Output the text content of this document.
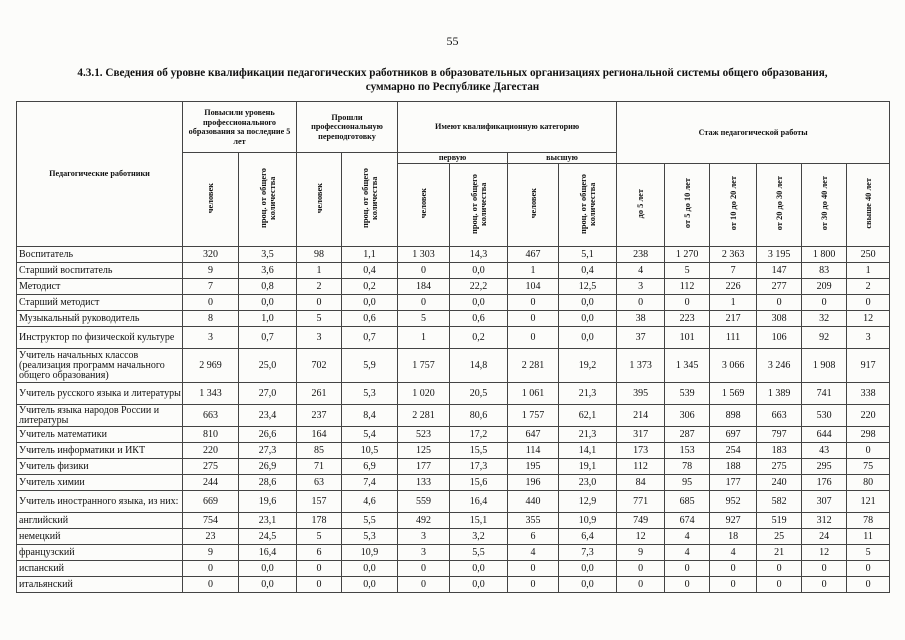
55
4.3.1. Сведения об уровне квалификации педагогических работников в образовательных организациях региональной системы общего образования,
суммарно по Республике Дагестан
Педагогические работники	Повысили уровень профессионального образования за последние 5 лет		Прошли профессиональную переподготовку		Имеют квалификационную категорию				Стаж педагогической работы					
	человек	проц. от общего количества	человек	проц. от общего количества	первую		высшую							
					человек	проц. от общего количества	человек	проц. от общего количества	до 5 лет	от 5 до 10 лет	от 10 до 20 лет	от 20 до 30 лет	от 30 до 40 лет	свыше 40 лет
Воспитатель	320	3,5	98	1,1	1 303	14,3	467	5,1	238	1 270	2 363	3 195	1 800	250
Старший воспитатель	9	3,6	1	0,4	0	0,0	1	0,4	4	5	7	147	83	1
Методист	7	0,8	2	0,2	184	22,2	104	12,5	3	112	226	277	209	2
Старший методист	0	0,0	0	0,0	0	0,0	0	0,0	0	0	1	0	0	0
Музыкальный руководитель	8	1,0	5	0,6	5	0,6	0	0,0	38	223	217	308	32	12
Инструктор по физической культуре	3	0,7	3	0,7	1	0,2	0	0,0	37	101	111	106	92	3
Учитель начальных классов (реализация программ начального общего образования)	2 969	25,0	702	5,9	1 757	14,8	2 281	19,2	1 373	1 345	3 066	3 246	1 908	917
Учитель русского языка и литературы	1 343	27,0	261	5,3	1 020	20,5	1 061	21,3	395	539	1 569	1 389	741	338
Учитель языка народов России и литературы	663	23,4	237	8,4	2 281	80,6	1 757	62,1	214	306	898	663	530	220
Учитель математики	810	26,6	164	5,4	523	17,2	647	21,3	317	287	697	797	644	298
Учитель информатики и ИКТ	220	27,3	85	10,5	125	15,5	114	14,1	173	153	254	183	43	0
Учитель физики	275	26,9	71	6,9	177	17,3	195	19,1	112	78	188	275	295	75
Учитель химии	244	28,6	63	7,4	133	15,6	196	23,0	84	95	177	240	176	80
Учитель иностранного языка, из них:	669	19,6	157	4,6	559	16,4	440	12,9	771	685	952	582	307	121
английский	754	23,1	178	5,5	492	15,1	355	10,9	749	674	927	519	312	78
немецкий	23	24,5	5	5,3	3	3,2	6	6,4	12	4	18	25	24	11
французский	9	16,4	6	10,9	3	5,5	4	7,3	9	4	4	21	12	5
испанский	0	0,0	0	0,0	0	0,0	0	0,0	0	0	0	0	0	0
итальянский	0	0,0	0	0,0	0	0,0	0	0,0	0	0	0	0	0	0
